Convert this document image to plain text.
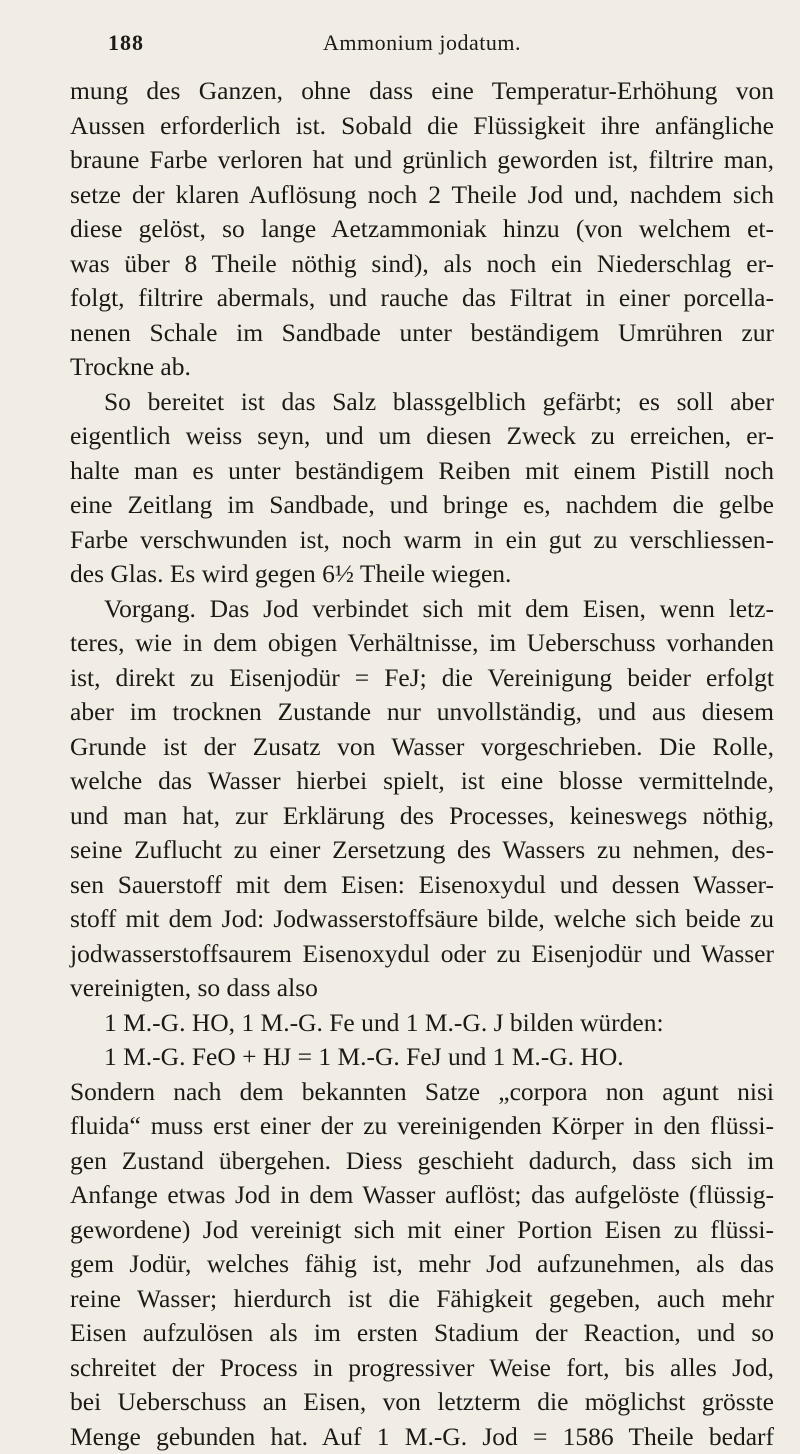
188	Ammonium jodatum.
mung des Ganzen, ohne dass eine Temperatur-Erhöhung von
Aussen erforderlich ist. Sobald die Flüssigkeit ihre anfängliche
braune Farbe verloren hat und grünlich geworden ist, filtrire man,
setze der klaren Auflösung noch 2 Theile Jod und, nachdem sich
diese gelöst, so lange Aetzammoniak hinzu (von welchem et-
was über 8 Theile nöthig sind), als noch ein Niederschlag er-
folgt, filtrire abermals, und rauche das Filtrat in einer porcella-
nenen Schale im Sandbade unter beständigem Umrühren zur
Trockne ab.
So bereitet ist das Salz blassgelblich gefärbt; es soll aber
eigentlich weiss seyn, und um diesen Zweck zu erreichen, er-
halte man es unter beständigem Reiben mit einem Pistill noch
eine Zeitlang im Sandbade, und bringe es, nachdem die gelbe
Farbe verschwunden ist, noch warm in ein gut zu verschliessen-
des Glas. Es wird gegen 6½ Theile wiegen.
Vorgang. Das Jod verbindet sich mit dem Eisen, wenn letz-
teres, wie in dem obigen Verhältnisse, im Ueberschuss vorhanden
ist, direkt zu Eisenjodür = FeJ; die Vereinigung beider erfolgt
aber im trocknen Zustande nur unvollständig, und aus diesem
Grunde ist der Zusatz von Wasser vorgeschrieben. Die Rolle,
welche das Wasser hierbei spielt, ist eine blosse vermittelnde,
und man hat, zur Erklärung des Processes, keineswegs nöthig,
seine Zuflucht zu einer Zersetzung des Wassers zu nehmen, des-
sen Sauerstoff mit dem Eisen: Eisenoxydul und dessen Wasser-
stoff mit dem Jod: Jodwasserstoffsäure bilde, welche sich beide zu
jodwasserstoffsaurem Eisenoxydul oder zu Eisenjodür und Wasser
vereinigten, so dass also
1 M.-G. HO, 1 M.-G. Fe und 1 M.-G. J bilden würden:
1 M.-G. FeO + HJ = 1 M.-G. FeJ und 1 M.-G. HO.
Sondern nach dem bekannten Satze „corpora non agunt nisi
fluida“ muss erst einer der zu vereinigenden Körper in den flüssi-
gen Zustand übergehen. Diess geschieht dadurch, dass sich im
Anfange etwas Jod in dem Wasser auflöst; das aufgelöste (flüssig-
gewordene) Jod vereinigt sich mit einer Portion Eisen zu flüssi-
gem Jodür, welches fähig ist, mehr Jod aufzunehmen, als das
reine Wasser; hierdurch ist die Fähigkeit gegeben, auch mehr
Eisen aufzulösen als im ersten Stadium der Reaction, und so
schreitet der Process in progressiver Weise fort, bis alles Jod,
bei Ueberschuss an Eisen, von letzterm die möglichst grösste
Menge gebunden hat. Auf 1 M.-G. Jod = 1586 Theile bedarf
